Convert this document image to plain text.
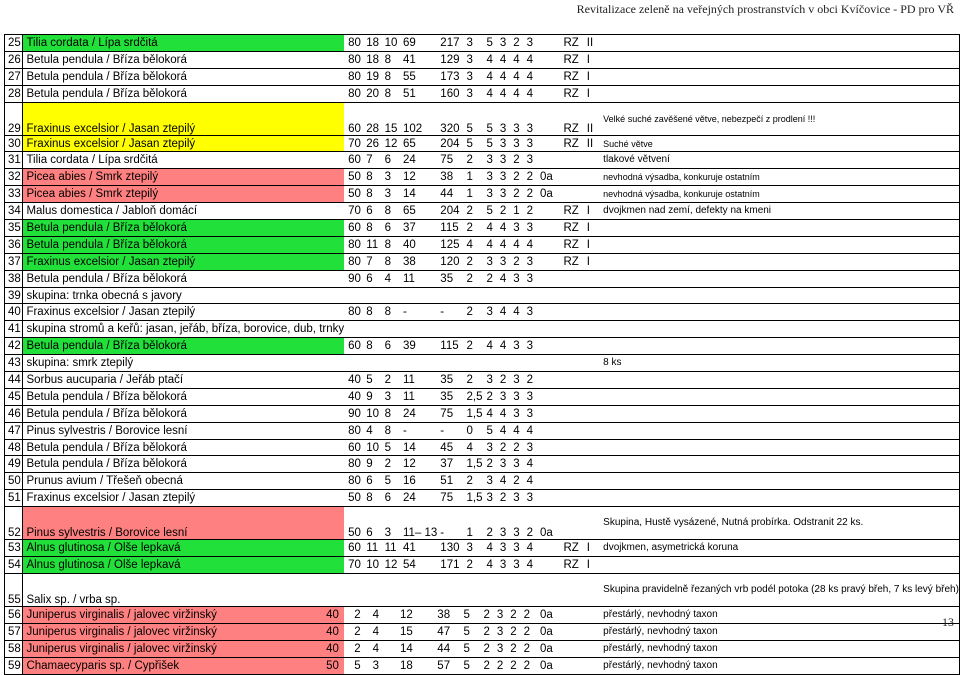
Revitalizace zeleně na veřejných prostranstvích v obci Kvíčovice - PD pro VŘ
25	Tilia cordata / Lípa srdčitá	80	18	10	69	217	3	5	3	2	3		RZ	II	
26	Betula pendula / Bříza bělokorá	80	18	8	41	129	3	4	4	4	4		RZ	I	
27	Betula pendula / Bříza bělokorá	80	19	8	55	173	3	4	4	4	4		RZ	I	
28	Betula pendula / Bříza bělokorá	80	20	8	51	160	3	4	4	4	4		RZ	I	
29	Fraxinus excelsior / Jasan ztepilý	60	28	15	102	320	5	5	3	3	3		RZ	II	Velké suché zavěšené větve, nebezpečí z prodlení !!!
30	Fraxinus excelsior / Jasan ztepilý	70	26	12	65	204	5	5	3	3	3		RZ	II	Suché větve
31	Tilia cordata / Lípa srdčitá	60	7	6	24	75	2	3	3	2	3				tlakové větvení
32	Picea abies / Smrk ztepilý	50	8	3	12	38	1	3	3	2	2	0a			nevhodná výsadba, konkuruje ostatním
33	Picea abies / Smrk ztepilý	50	8	3	14	44	1	3	3	2	2	0a			nevhodná výsadba, konkuruje ostatním
34	Malus domestica / Jabloň domácí	70	6	8	65	204	2	5	2	1	2		RZ	I	dvojkmen nad zemí, defekty na kmeni
35	Betula pendula / Bříza bělokorá	60	8	6	37	115	2	4	4	3	3		RZ	I	
36	Betula pendula / Bříza bělokorá	80	11	8	40	125	4	4	4	4	4		RZ	I	
37	Fraxinus excelsior / Jasan ztepilý	80	7	8	38	120	2	3	3	2	3		RZ	I	
38	Betula pendula / Bříza bělokorá	90	6	4	11	35	2	2	4	3	3				
39	skupina: trnka obecná s javory														
40	Fraxinus excelsior / Jasan ztepilý	80	8	8	-	-	2	3	4	4	3				
41	skupina stromů a keřů: jasan, jeřáb, bříza, borovice, dub, trnky														
42	Betula pendula / Bříza bělokorá	60	8	6	39	115	2	4	4	3	3				
43	skupina: smrk ztepilý														8 ks
44	Sorbus aucuparia / Jeřáb ptačí	40	5	2	11	35	2	3	2	3	2				
45	Betula pendula / Bříza bělokorá	40	9	3	11	35	2,5	2	3	3	3				
46	Betula pendula / Bříza bělokorá	90	10	8	24	75	1,5	4	4	3	3				
47	Pinus sylvestris / Borovice lesní	80	4	8	-	-	0	5	4	4	4				
48	Betula pendula / Bříza bělokorá	60	10	5	14	45	4	3	2	2	3				
49	Betula pendula / Bříza bělokorá	80	9	2	12	37	1,5	2	3	3	4				
50	Prunus avium / Třešeň obecná	80	6	5	16	51	2	3	4	2	4				
51	Fraxinus excelsior / Jasan ztepilý	50	8	6	24	75	1,5	3	2	3	3				
52	Pinus sylvestris / Borovice lesní	50	6	3	11– 13	-	1	2	3	3	2	0a			Skupina, Hustě vysázené, Nutná probírka. Odstranit 22 ks.
53	Alnus glutinosa / Olše lepkavá	60	11	11	41	130	3	4	3	3	4		RZ	I	dvojkmen, asymetrická koruna
54	Alnus glutinosa / Olše lepkavá	70	10	12	54	171	2	4	3	3	4		RZ	I	
55	Salix sp. / vrba sp.														Skupina pravidelně řezaných vrb podél potoka (28 ks pravý břeh, 7 ks levý břeh)
56	Juniperus virginalis / jalovec viržinský	40	2	4	12	38	5	2	3	2	2	0a			přestárlý, nevhodný taxon
57	Juniperus virginalis / jalovec viržinský	40	2	4	15	47	5	2	3	2	2	0a			přestárlý, nevhodný taxon
58	Juniperus virginalis / jalovec viržinský	40	2	4	14	44	5	2	3	2	2	0a			přestárlý, nevhodný taxon
59	Chamaecyparis sp. / Cypřišek	50	5	3	18	57	5	2	2	2	2	0a			přestárlý, nevhodný taxon
13
